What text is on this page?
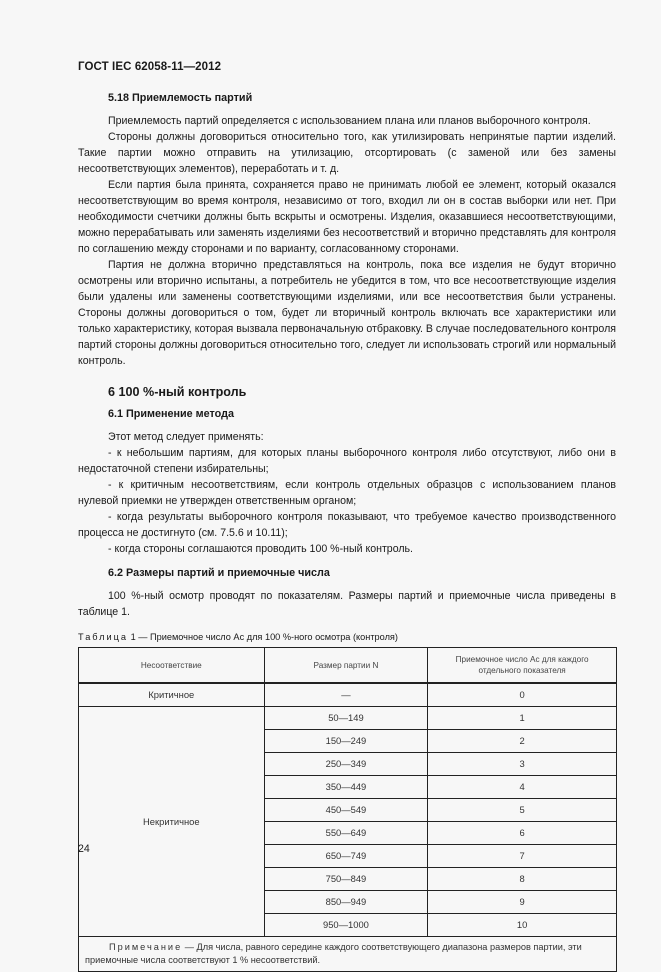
ГОСТ IEC 62058-11—2012
5.18 Приемлемость партий

Приемлемость партий определяется с использованием плана или планов выборочного контроля.

Стороны должны договориться относительно того, как утилизировать непринятые партии изделий. Такие партии можно отправить на утилизацию, отсортировать (с заменой или без замены несоответствующих элементов), переработать и т. д.

Если партия была принята, сохраняется право не принимать любой ее элемент, который оказался несоответствующим во время контроля, независимо от того, входил ли он в состав выборки или нет. При необходимости счетчики должны быть вскрыты и осмотрены. Изделия, оказавшиеся несоответствующими, можно перерабатывать или заменять изделиями без несоответствий и вторично представлять для контроля по соглашению между сторонами и по варианту, согласованному сторонами.

Партия не должна вторично представляться на контроль, пока все изделия не будут вторично осмотрены или вторично испытаны, а потребитель не убедится в том, что все несоответствующие изделия были удалены или заменены соответствующими изделиями, или все несоответствия были устранены. Стороны должны договориться о том, будет ли вторичный контроль включать все характеристики или только характеристику, которая вызвала первоначальную отбраковку. В случае последовательного контроля партий стороны должны договориться относительно того, следует ли использовать строгий или нормальный контроль.

6 100 %-ный контроль
6.1 Применение метода

Этот метод следует применять:

- к небольшим партиям, для которых планы выборочного контроля либо отсутствуют, либо они в недостаточной степени избирательны;

- к критичным несоответствиям, если контроль отдельных образцов с использованием планов нулевой приемки не утвержден ответственным органом;

- когда результаты выборочного контроля показывают, что требуемое качество производственного процесса не достигнуто (см. 7.5.6 и 10.11);

- когда стороны соглашаются проводить 100 %-ный контроль.

6.2 Размеры партий и приемочные числа

100 %-ный осмотр проводят по показателям. Размеры партий и приемочные числа приведены в таблице 1.

Таблица 1 — Приемочное число Ac для 100 %-ного осмотра (контроля)
Несоответствие	Размер партии N	Приемочное число Ac для каждого отдельного показателя
Критичное	—	0
Некритичное	50—149	1
	150—249	2
	250—349	3
	350—449	4
	450—549	5
	550—649	6
	650—749	7
	750—849	8
	850—949	9
	950—1000	10
Примечание — Для числа, равного середине каждого соответствующего диапазона размеров партии, эти приемочные числа соответствуют 1 % несоответствий.		
24
